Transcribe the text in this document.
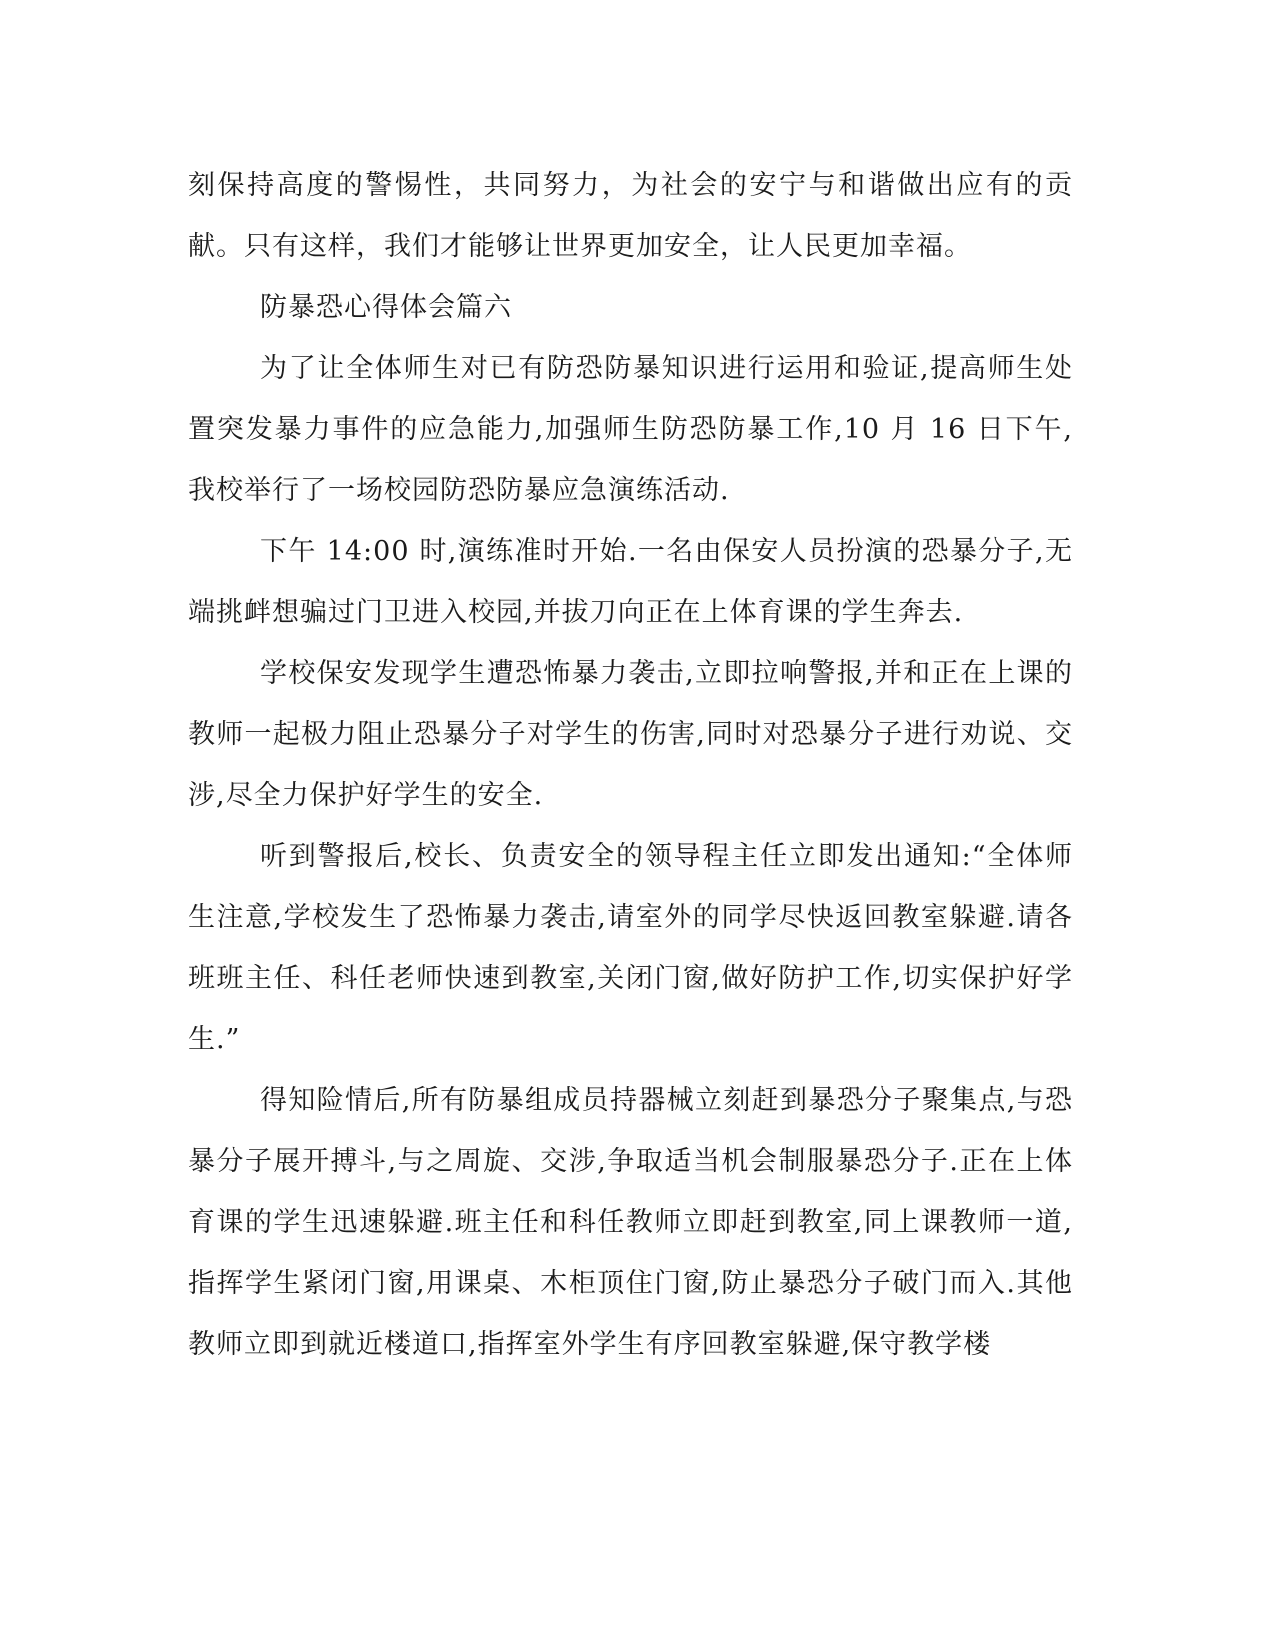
刻保持高度的警惕性，共同努力，为社会的安宁与和谐做出应有的贡献。只有这样，我们才能够让世界更加安全，让人民更加幸福。

防暴恐心得体会篇六

为了让全体师生对已有防恐防暴知识进行运用和验证,提高师生处置突发暴力事件的应急能力,加强师生防恐防暴工作,10 月 16 日下午,我校举行了一场校园防恐防暴应急演练活动.

下午 14:00 时,演练准时开始.一名由保安人员扮演的恐暴分子,无端挑衅想骗过门卫进入校园,并拔刀向正在上体育课的学生奔去.

学校保安发现学生遭恐怖暴力袭击,立即拉响警报,并和正在上课的教师一起极力阻止恐暴分子对学生的伤害,同时对恐暴分子进行劝说、交涉,尽全力保护好学生的安全.

听到警报后,校长、负责安全的领导程主任立即发出通知:“全体师生注意,学校发生了恐怖暴力袭击,请室外的同学尽快返回教室躲避.请各班班主任、科任老师快速到教室,关闭门窗,做好防护工作,切实保护好学生.”

得知险情后,所有防暴组成员持器械立刻赶到暴恐分子聚集点,与恐暴分子展开搏斗,与之周旋、交涉,争取适当机会制服暴恐分子.正在上体育课的学生迅速躲避.班主任和科任教师立即赶到教室,同上课教师一道,指挥学生紧闭门窗,用课桌、木柜顶住门窗,防止暴恐分子破门而入.其他教师立即到就近楼道口,指挥室外学生有序回教室躲避,保守教学楼
